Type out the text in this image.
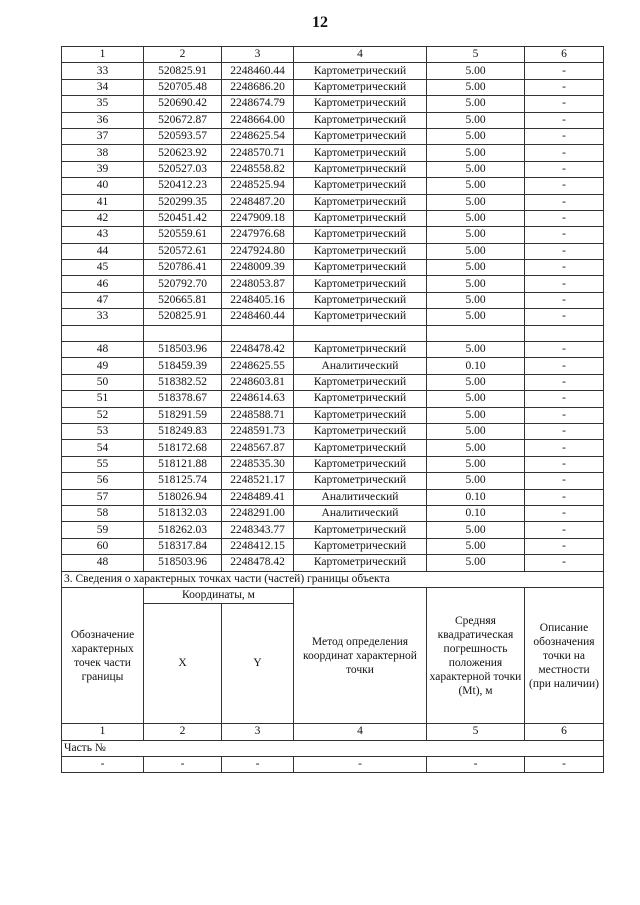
12
1	2	3	4	5	6
33	520825.91	2248460.44	Картометрический	5.00	-
34	520705.48	2248686.20	Картометрический	5.00	-
35	520690.42	2248674.79	Картометрический	5.00	-
36	520672.87	2248664.00	Картометрический	5.00	-
37	520593.57	2248625.54	Картометрический	5.00	-
38	520623.92	2248570.71	Картометрический	5.00	-
39	520527.03	2248558.82	Картометрический	5.00	-
40	520412.23	2248525.94	Картометрический	5.00	-
41	520299.35	2248487.20	Картометрический	5.00	-
42	520451.42	2247909.18	Картометрический	5.00	-
43	520559.61	2247976.68	Картометрический	5.00	-
44	520572.61	2247924.80	Картометрический	5.00	-
45	520786.41	2248009.39	Картометрический	5.00	-
46	520792.70	2248053.87	Картометрический	5.00	-
47	520665.81	2248405.16	Картометрический	5.00	-
33	520825.91	2248460.44	Картометрический	5.00	-

48	518503.96	2248478.42	Картометрический	5.00	-
49	518459.39	2248625.55	Аналитический	0.10	-
50	518382.52	2248603.81	Картометрический	5.00	-
51	518378.67	2248614.63	Картометрический	5.00	-
52	518291.59	2248588.71	Картометрический	5.00	-
53	518249.83	2248591.73	Картометрический	5.00	-
54	518172.68	2248567.87	Картометрический	5.00	-
55	518121.88	2248535.30	Картометрический	5.00	-
56	518125.74	2248521.17	Картометрический	5.00	-
57	518026.94	2248489.41	Аналитический	0.10	-
58	518132.03	2248291.00	Аналитический	0.10	-
59	518262.03	2248343.77	Картометрический	5.00	-
60	518317.84	2248412.15	Картометрический	5.00	-
48	518503.96	2248478.42	Картометрический	5.00	-
3. Сведения о характерных точках части (частей) границы объекта					
Обозначение характерных точек части границы	Координаты, м		Метод определения координат характерной точки	Средняя квадратическая погрешность положения характерной точки (Mt), м	Описание обозначения точки на местности (при наличии)
	X	Y			
1	2	3	4	5	6
Часть №					
-	-	-	-	-	-
